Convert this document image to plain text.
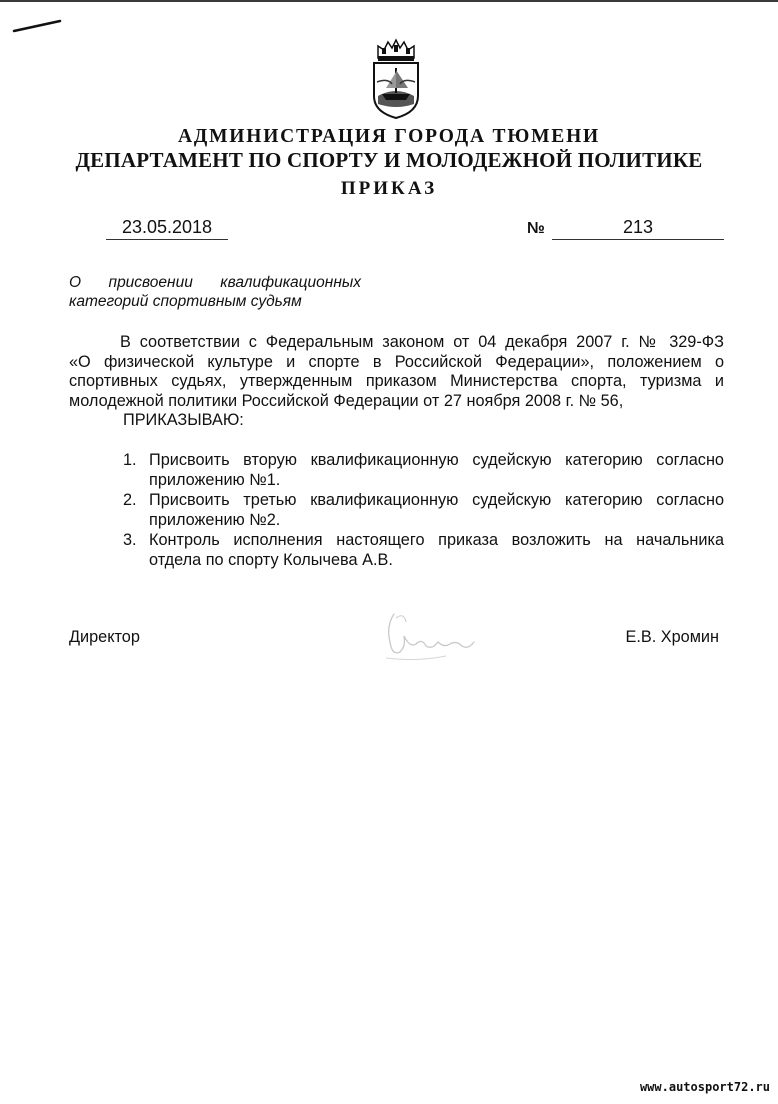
АДМИНИСТРАЦИЯ ГОРОДА ТЮМЕНИ
ДЕПАРТАМЕНТ ПО СПОРТУ И МОЛОДЕЖНОЙ ПОЛИТИКЕ
ПРИКАЗ
23.05.2018	№	213
О присвоении квалификационных
категорий спортивным судьям
В соответствии с Федеральным законом от 04 декабря 2007 г. № 329-ФЗ
«О физической культуре и спорте в Российской Федерации», положением о
спортивных судьях, утвержденным приказом Министерства спорта, туризма и
молодежной политики Российской Федерации от 27 ноября 2008 г. № 56,
ПРИКАЗЫВАЮ:
1. Присвоить вторую квалификационную судейскую категорию согласно
приложению №1.
2. Присвоить третью квалификационную судейскую категорию согласно
приложению №2.
3. Контроль исполнения настоящего приказа возложить на начальника
отдела по спорту Колычева А.В.
Директор	Е.В. Хромин
www.autosport72.ru
